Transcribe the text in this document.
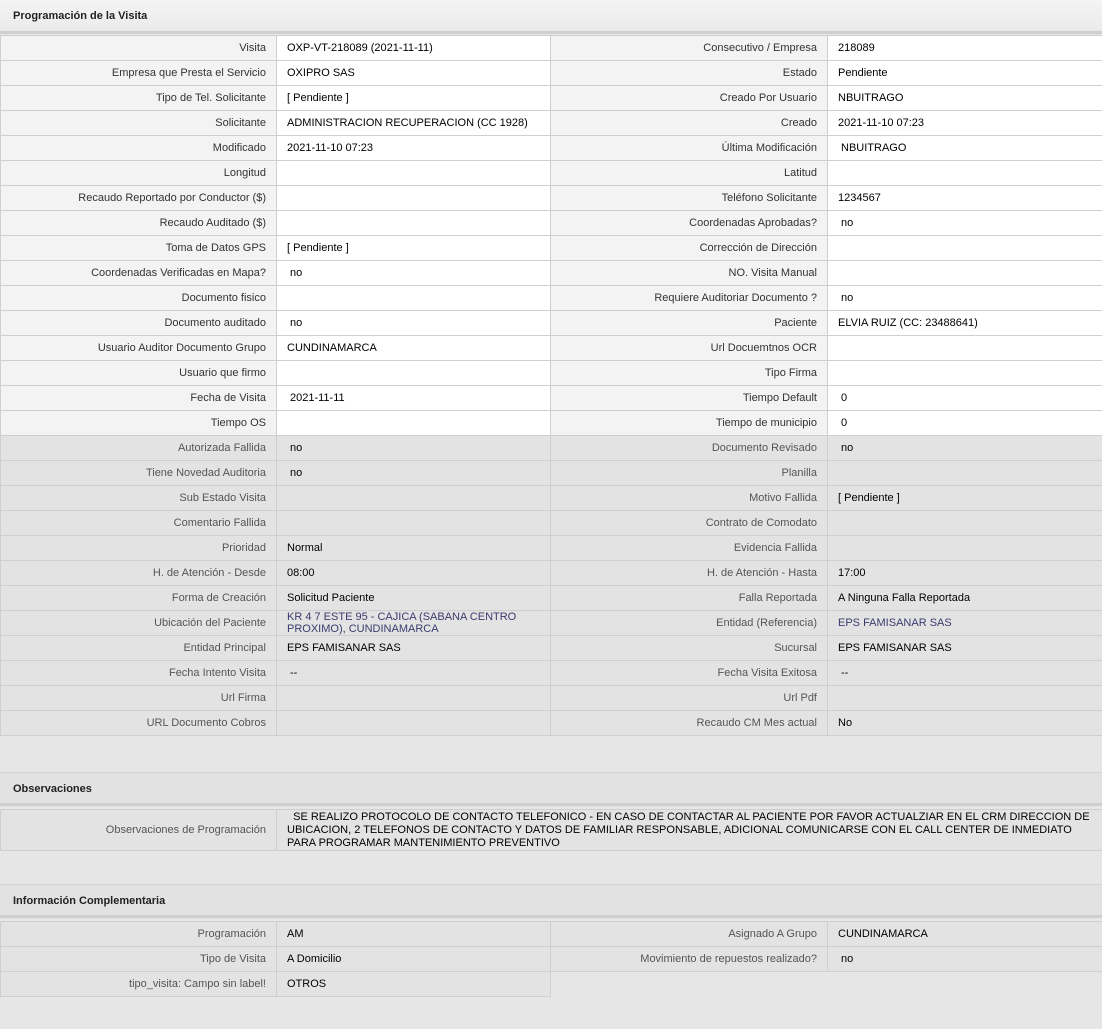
Programación de la Visita
Visita	OXP-VT-218089 (2021-11-11)	Consecutivo / Empresa	218089
Empresa que Presta el Servicio	OXIPRO SAS	Estado	Pendiente
Tipo de Tel. Solicitante	[ Pendiente ]	Creado Por Usuario	NBUITRAGO
Solicitante	ADMINISTRACION RECUPERACION (CC 1928)	Creado	2021-11-10 07:23
Modificado	2021-11-10 07:23	Última Modificación	NBUITRAGO
Longitud		Latitud	
Recaudo Reportado por Conductor ($)		Teléfono Solicitante	1234567
Recaudo Auditado ($)		Coordenadas Aprobadas?	no
Toma de Datos GPS	[ Pendiente ]	Corrección de Dirección	
Coordenadas Verificadas en Mapa?	no	NO. Visita Manual	
Documento fisico		Requiere Auditoriar Documento ?	no
Documento auditado	no	Paciente	ELVIA RUIZ (CC: 23488641)
Usuario Auditor Documento Grupo	CUNDINAMARCA	Url Docuemtnos OCR	
Usuario que firmo		Tipo Firma	
Fecha de Visita	2021-11-11	Tiempo Default	0
Tiempo OS		Tiempo de municipio	0
Autorizada Fallida	no	Documento Revisado	no
Tiene Novedad Auditoria	no	Planilla	
Sub Estado Visita		Motivo Fallida	[ Pendiente ]
Comentario Fallida		Contrato de Comodato	
Prioridad	Normal	Evidencia Fallida	
H. de Atención - Desde	08:00	H. de Atención - Hasta	17:00
Forma de Creación	Solicitud Paciente	Falla Reportada	A Ninguna Falla Reportada
Ubicación del Paciente	KR 4 7 ESTE 95 - CAJICA (SABANA CENTRO PROXIMO), CUNDINAMARCA	Entidad (Referencia)	EPS FAMISANAR SAS
Entidad Principal	EPS FAMISANAR SAS	Sucursal	EPS FAMISANAR SAS
Fecha Intento Visita	--	Fecha Visita Exitosa	--
Url Firma		Url Pdf	
URL Documento Cobros		Recaudo CM Mes actual	No
Observaciones
Observaciones de Programación	SE REALIZO PROTOCOLO DE CONTACTO TELEFONICO - EN CASO DE CONTACTAR AL PACIENTE POR FAVOR ACTUALZIAR EN EL CRM DIRECCION DE UBICACION, 2 TELEFONOS DE CONTACTO Y DATOS DE FAMILIAR RESPONSABLE, ADICIONAL COMUNICARSE CON EL CALL CENTER DE INMEDIATO PARA PROGRAMAR MANTENIMIENTO PREVENTIVO
Información Complementaria
Programación	AM	Asignado A Grupo	CUNDINAMARCA
Tipo de Visita	A Domicilio	Movimiento de repuestos realizado?	no
tipo_visita: Campo sin label!	OTROS		
